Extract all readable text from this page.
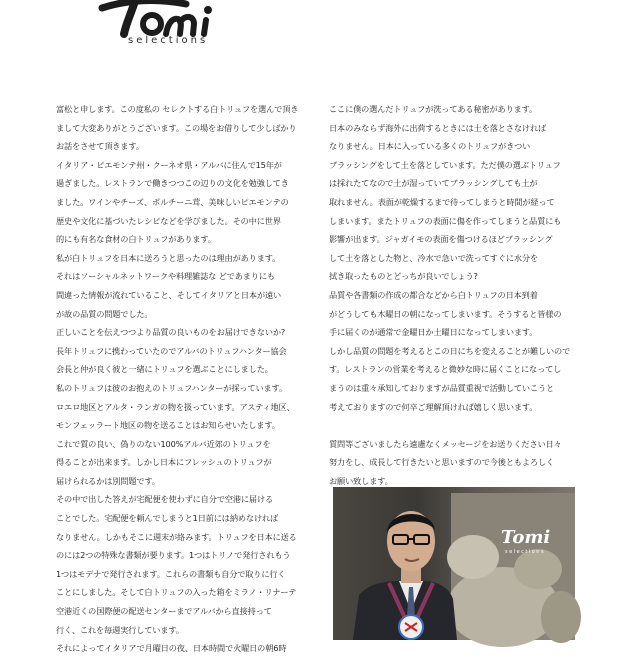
selections
富松と申します。この度私の セレクトする白トリュフを選んで頂き
まして大変ありがとうございます。この場をお借りして少しばかり
お話をさせて頂きます。
イタリア・ピエモンテ州・クーネオ県・アルバに住んで15年が
過ぎました。レストランで働きつつこの辺りの文化を勉強してき
ました。ワインやチーズ、ポルチーニ茸、美味しいピエモンテの
歴史や文化に基づいたレシピなどを学びました。その中に世界
的にも有名な食材の白トリュフがあります。
私が白トリュフを日本に送ろうと思ったのは理由があります。
それはソーシャルネットワークや料理雑誌な どであまりにも
間違った情報が流れていること、そしてイタリアと日本が遠い
が故の品質の問題でした。
正しいことを伝えつつより品質の良いものをお届けできないか?
長年トリュフに携わっていたのでアルバのトリュフハンター協会
会長と仲が良く彼と一緒にトリュフを選ぶことにしました。
私のトリュフは彼のお抱えのトリュフハンターが採っています。
ロエロ地区とアルタ・ランガの物を扱っています。アスティ地区、
モンフェッラート地区の物を送ることはお知らせいたします。
これで質の良い、偽りのない100%アルバ近郊のトリュフを
得ることが出来ます。しかし日本にフレッシュのトリュフが
届けられるかは別問題です。
その中で出した答えが宅配便を使わずに自分で空港に届ける
ことでした。宅配便を頼んでしまうと1日前には納めなければ
なりません。しかもそこに週末が絡みます。トリュフを日本に送る
のには2つの特殊な書類が要ります。1つはトリノで発行されもう
1つはモデナで発行されます。これらの書類も自分で取りに行く
ことにしました。そして白トリュフの入った箱をミラノ・リナーテ
空港近くの国際便の配送センターまでアルバから直接持って
行く、これを毎週実行しています。
それによってイタリアで月曜日の夜、日本時間で火曜日の朝6時
ここに僕の選んだトリュフが洗ってある秘密があります。
日本のみならず海外に出荷するときには土を落とさなければ
なりません。日本に入っている多くのトリュフがきつい
ブラッシングをして土を落としています。ただ僕の選ぶトリュフ
は採れたてなので土が湿っていてブラッシングしても土が
取れません。表面が乾燥するまで待ってしまうと時間が経って
しまいます。またトリュフの表面に傷を作ってしまうと品質にも
影響が出ます。ジャガイモの表面を傷つけるほどブラッシング
して土を落とした物と、冷水で急いで洗ってすぐに水分を
拭き取ったものとどっちが良いでしょう?
品質や各書類の作成の都合などから白トリュフの日本到着
がどうしても木曜日の朝になってしまいます。そうすると皆様の
手に届くのが通常で金曜日か土曜日になってしまいます。
しかし品質の問題を考えるとこの日にちを変えることが難しいので
す。レストランの営業を考えると微妙な時に届くことになってし
まうのは重々承知しておりますが品質重視で活動していこうと
考えておりますので何卒ご理解頂ければ嬉しく思います。
質問等ございましたら遠慮なくメッセージをお送りください日々
努力をし、成長して行きたいと思いますので今後ともよろしく
お願い致します。
Tomi
selections
